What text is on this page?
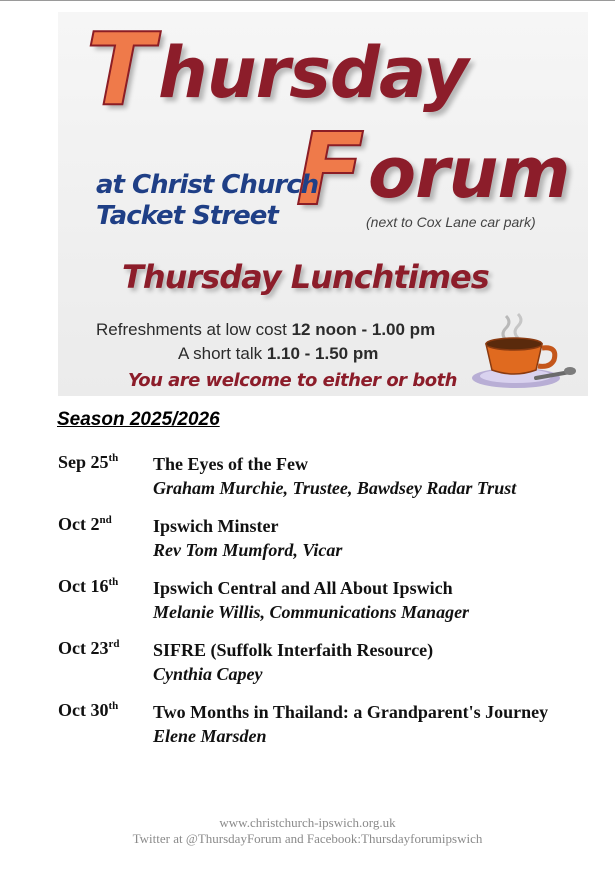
T hursday
F orum
at Christ Church
Tacket Street	(next to Cox Lane car park)
Thursday Lunchtimes
Refreshments at low cost 12 noon - 1.00 pm
A short talk 1.10 - 1.50 pm
You are welcome to either or both
Season 2025/2026
Sep 25th	The Eyes of the Few
Graham Murchie, Trustee, Bawdsey Radar Trust
Oct 2nd	Ipswich Minster
Rev Tom Mumford, Vicar
Oct 16th	Ipswich Central and All About Ipswich
Melanie Willis, Communications Manager
Oct 23rd	SIFRE (Suffolk Interfaith Resource)
Cynthia Capey
Oct 30th	Two Months in Thailand: a Grandparent's Journey
Elene Marsden
www.christchurch-ipswich.org.uk
Twitter at @ThursdayForum and Facebook:Thursdayforumipswich
